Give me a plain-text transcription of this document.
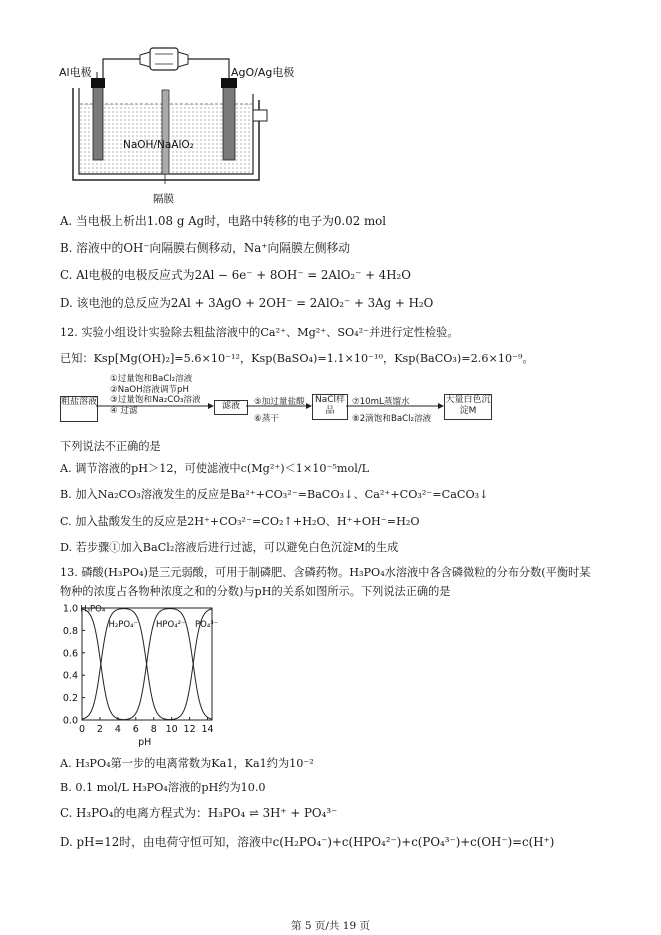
Al电极	AgO/Ag电极
NaOH/NaAlO₂
隔膜
A. 当电极上析出1.08 g Ag时，电路中转移的电子为0.02 mol
B. 溶液中的OH⁻向隔膜右侧移动，Na⁺向隔膜左侧移动
C. Al电极的电极反应式为2Al − 6e⁻ + 8OH⁻ = 2AlO₂⁻ + 4H₂O
D. 该电池的总反应为2Al + 3AgO + 2OH⁻ = 2AlO₂⁻ + 3Ag + H₂O
12. 实验小组设计实验除去粗盐溶液中的Ca²⁺、Mg²⁺、SO₄²⁻并进行定性检验。
已知：Ksp[Mg(OH)₂]=5.6×10⁻¹²，Ksp(BaSO₄)=1.1×10⁻¹⁰，Ksp(BaCO₃)=2.6×10⁻⁹。
粗盐溶液
①过量饱和BaCl₂溶液
②NaOH溶液调节pH
③过量饱和Na₂CO₃溶液
④ 过滤	滤液	⑤加过量盐酸
⑥蒸干
NaCl样品
⑦10mL蒸馏水
⑧2滴饱和BaCl₂溶液
大量白色沉淀M
下列说法不正确的是
A. 调节溶液的pH＞12，可使滤液中c(Mg²⁺)＜1×10⁻⁵mol/L
B. 加入Na₂CO₃溶液发生的反应是Ba²⁺+CO₃²⁻=BaCO₃↓、Ca²⁺+CO₃²⁻=CaCO₃↓
C. 加入盐酸发生的反应是2H⁺+CO₃²⁻=CO₂↑+H₂O、H⁺+OH⁻=H₂O
D. 若步骤①加入BaCl₂溶液后进行过滤，可以避免白色沉淀M的生成
13. 磷酸(H₃PO₄)是三元弱酸，可用于制磷肥、含磷药物。H₃PO₄水溶液中各含磷微粒的分布分数(平衡时某
物种的浓度占各物种浓度之和的分数)与pH的关系如图所示。下列说法正确的是
0.0
0.2
0.4
0.6
0.8
1.0
0 2 4 6 8 10 12 14
pH
H₃PO₄
H₂PO₄⁻ HPO₄²⁻ PO₄³⁻
A. H₃PO₄第一步的电离常数为Ka1，Ka1约为10⁻²
B. 0.1 mol/L H₃PO₄溶液的pH约为10.0
C. H₃PO₄的电离方程式为：H₃PO₄ ⇌ 3H⁺ + PO₄³⁻
D. pH=12时，由电荷守恒可知，溶液中c(H₂PO₄⁻)+c(HPO₄²⁻)+c(PO₄³⁻)+c(OH⁻)=c(H⁺)
第 5 页/共 19 页
